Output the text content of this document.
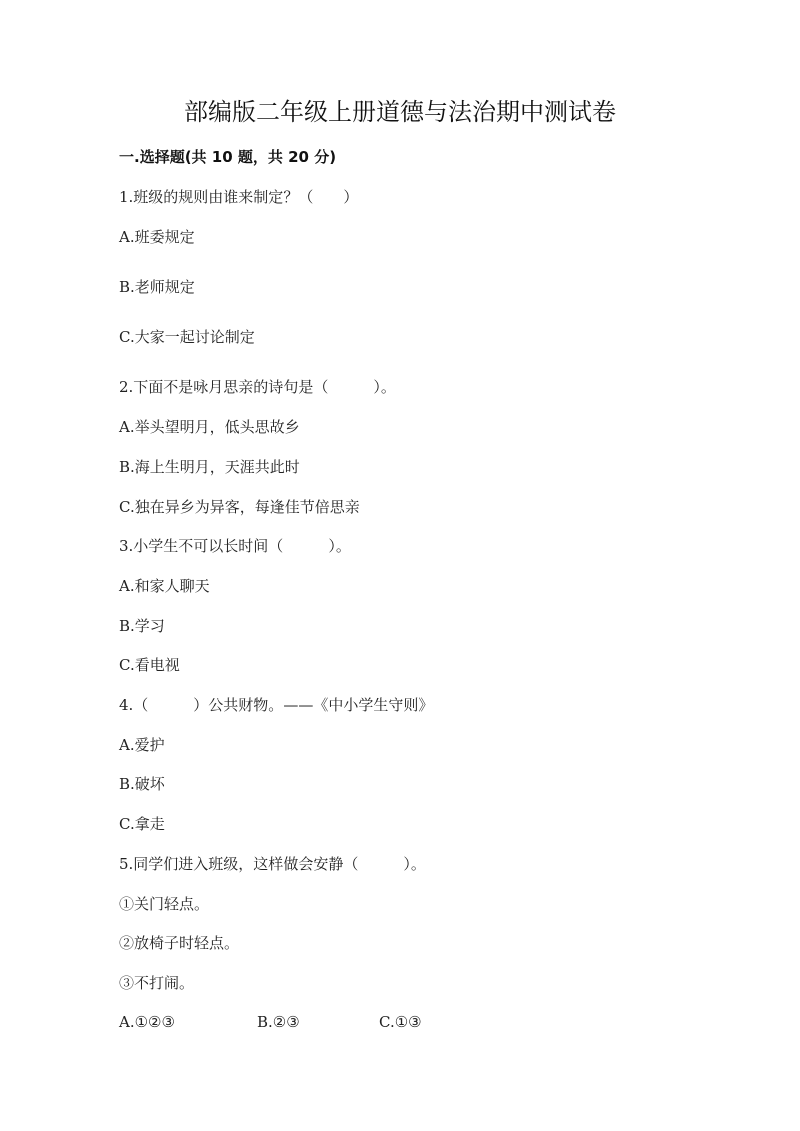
部编版二年级上册道德与法治期中测试卷
一.选择题(共 10 题，共 20 分)
1.班级的规则由谁来制定？（　　）
A.班委规定
B.老师规定
C.大家一起讨论制定
2.下面不是咏月思亲的诗句是（　　　）。
A.举头望明月，低头思故乡
B.海上生明月，天涯共此时
C.独在异乡为异客，每逢佳节倍思亲
3.小学生不可以长时间（　　　）。
A.和家人聊天
B.学习
C.看电视
4.（　　　）公共财物。——《中小学生守则》
A.爱护
B.破坏
C.拿走
5.同学们进入班级，这样做会安静（　　　）。
①关门轻点。
②放椅子时轻点。
③不打闹。
A.①②③	B.②③	C.①③
